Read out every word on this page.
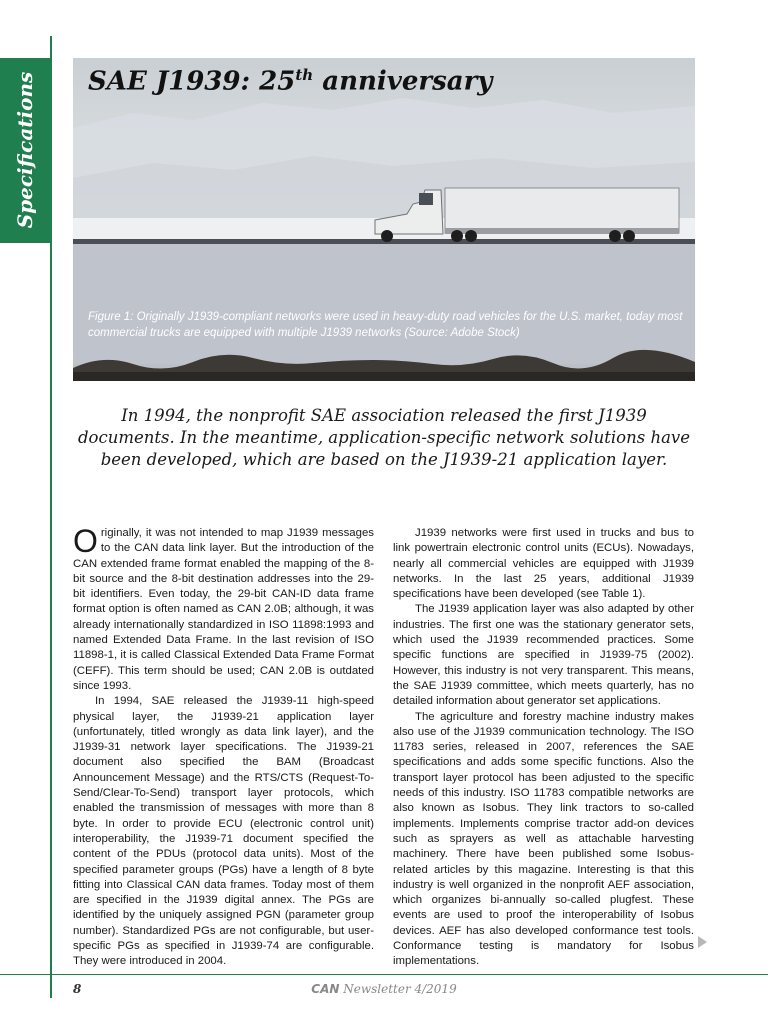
Specifications SAE J1939: 25th anniversary
Figure 1: Originally J1939-compliant networks were used in heavy-duty road vehicles for the U.S. market, today most commercial trucks are equipped with multiple J1939 networks (Source: Adobe Stock)
In 1994, the nonprofit SAE association released the first J1939 documents. In the meantime, application-specific network solutions have been developed, which are based on the J1939-21 application layer.

Originally, it was not intended to map J1939 messages to the CAN data link layer. But the introduction of the CAN extended frame format enabled the mapping of the 8-bit source and the 8-bit destination addresses into the 29-bit identifiers. Even today, the 29-bit CAN-ID data frame format option is often named as CAN 2.0B; although, it was already internationally standardized in ISO 11898:1993 and named Extended Data Frame. In the last revision of ISO 11898-1, it is called Classical Extended Data Frame Format (CEFF). This term should be used; CAN 2.0B is outdated since 1993.

In 1994, SAE released the J1939-11 high-speed physical layer, the J1939-21 application layer (unfortunately, titled wrongly as data link layer), and the J1939-31 network layer specifications. The J1939-21 document also specified the BAM (Broadcast Announcement Message) and the RTS/CTS (Request-To-Send/Clear-To-Send) transport layer protocols, which enabled the transmission of messages with more than 8 byte. In order to provide ECU (electronic control unit) interoperability, the J1939-71 document specified the content of the PDUs (protocol data units). Most of the specified parameter groups (PGs) have a length of 8 byte fitting into Classical CAN data frames. Today most of them are specified in the J1939 digital annex. The PGs are identified by the uniquely assigned PGN (parameter group number). Standardized PGs are not configurable, but user-specific PGs as specified in J1939-74 are configurable. They were introduced in 2004.

J1939 networks were first used in trucks and bus to link powertrain electronic control units (ECUs). Nowadays, nearly all commercial vehicles are equipped with J1939 networks. In the last 25 years, additional J1939 specifications have been developed (see Table 1).

The J1939 application layer was also adapted by other industries. The first one was the stationary generator sets, which used the J1939 recommended practices. Some specific functions are specified in J1939-75 (2002). However, this industry is not very transparent. This means, the SAE J1939 committee, which meets quarterly, has no detailed information about generator set applications.

The agriculture and forestry machine industry makes also use of the J1939 communication technology. The ISO 11783 series, released in 2007, references the SAE specifications and adds some specific functions. Also the transport layer protocol has been adjusted to the specific needs of this industry. ISO 11783 compatible networks are also known as Isobus. They link tractors to so-called implements. Implements comprise tractor add-on devices such as sprayers as well as attachable harvesting machinery. There have been published some Isobus-related articles by this magazine. Interesting is that this industry is well organized in the nonprofit AEF association, which organizes bi-annually so-called plugfest. These events are used to proof the interoperability of Isobus devices. AEF has also developed conformance test tools. Conformance testing is mandatory for Isobus implementations.

8	CAN Newsletter 4/2019
